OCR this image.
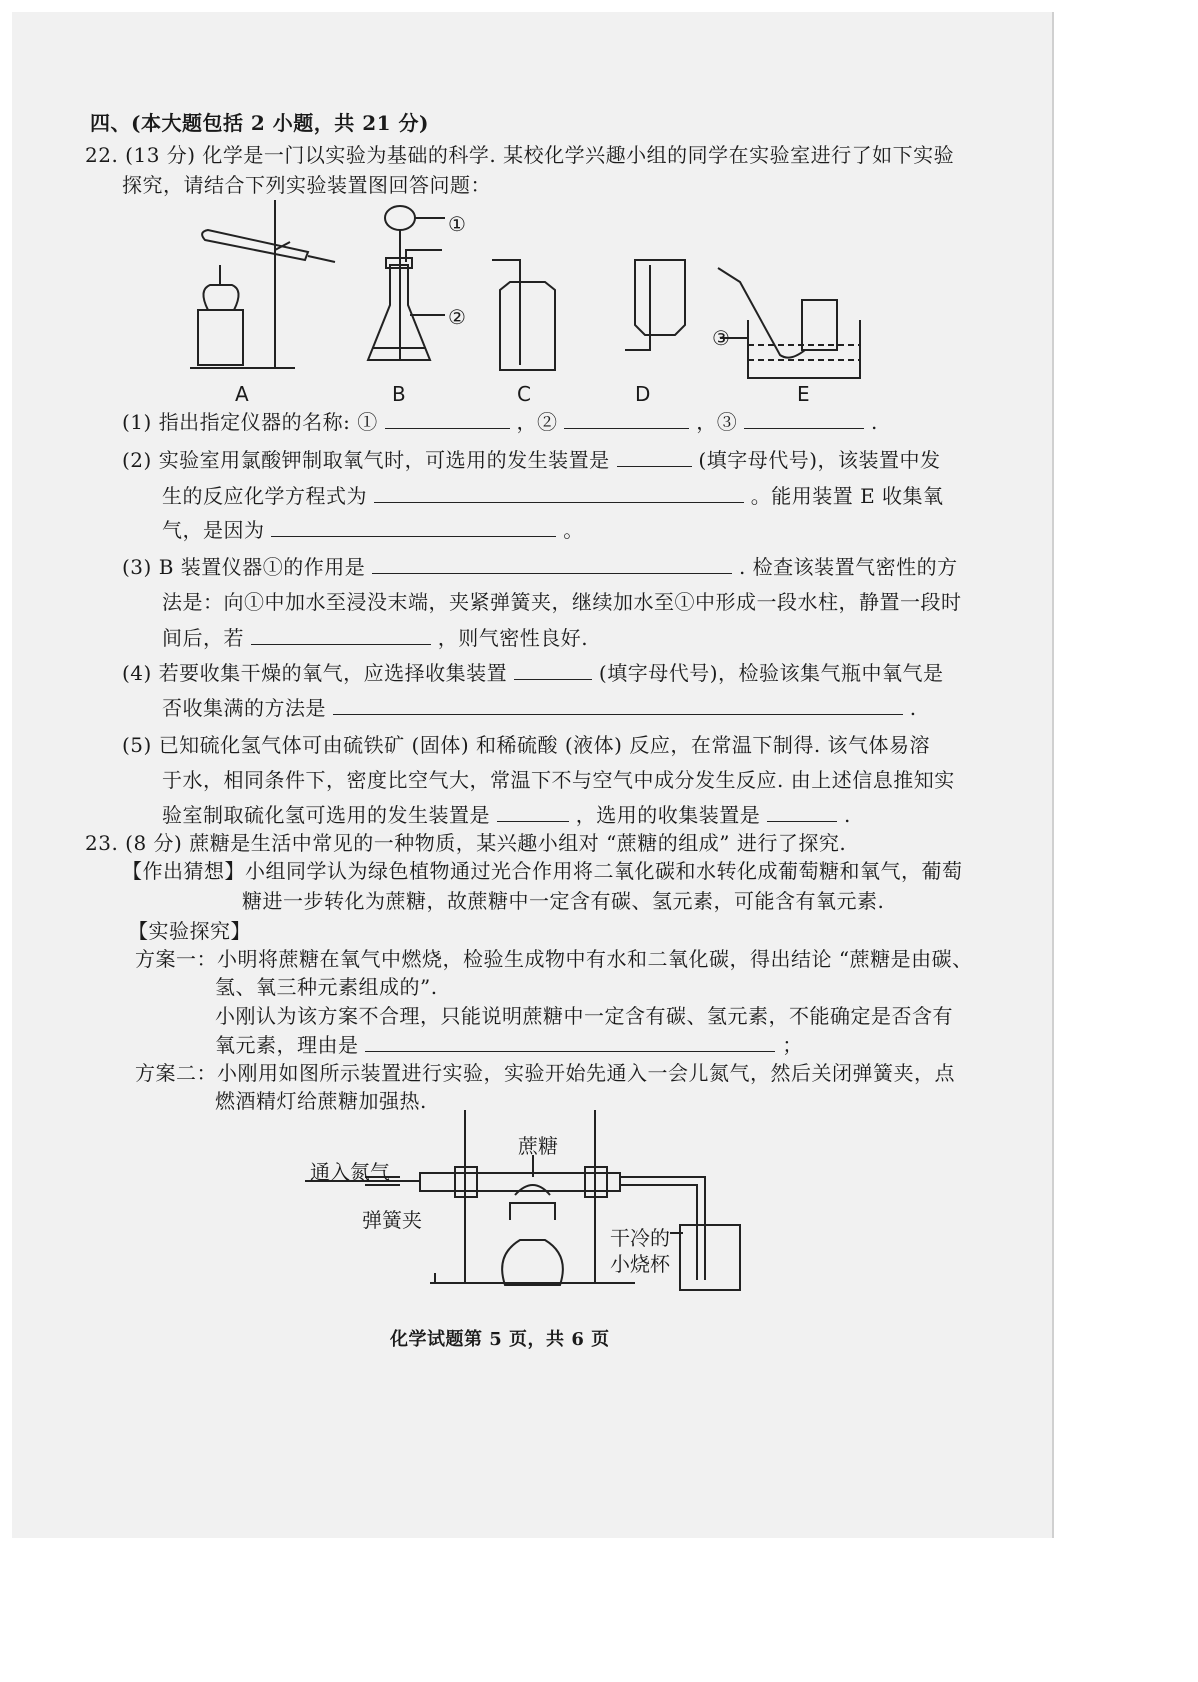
四、(本大题包括 2 小题，共 21 分)
22. (13 分) 化学是一门以实验为基础的科学. 某校化学兴趣小组的同学在实验室进行了如下实验
探究，请结合下列实验装置图回答问题：
①
②
③
A	B	C	D	E
(1) 指出指定仪器的名称: ①	，②	，③	.
(2) 实验室用氯酸钾制取氧气时，可选用的发生装置是	(填字母代号)，该装置中发
生的反应化学方程式为	。能用装置 E 收集氧
气，是因为	。
(3) B 装置仪器①的作用是	. 检查该装置气密性的方
法是：向①中加水至浸没末端，夹紧弹簧夹，继续加水至①中形成一段水柱，静置一段时
间后，若	，则气密性良好.
(4) 若要收集干燥的氧气，应选择收集装置	(填字母代号)，检验该集气瓶中氧气是
否收集满的方法是	.
(5) 已知硫化氢气体可由硫铁矿 (固体) 和稀硫酸 (液体) 反应，在常温下制得. 该气体易溶
于水，相同条件下，密度比空气大，常温下不与空气中成分发生反应. 由上述信息推知实
验室制取硫化氢可选用的发生装置是	，选用的收集装置是	.
23. (8 分) 蔗糖是生活中常见的一种物质，某兴趣小组对 “蔗糖的组成” 进行了探究.
【作出猜想】小组同学认为绿色植物通过光合作用将二氧化碳和水转化成葡萄糖和氧气，葡萄
糖进一步转化为蔗糖，故蔗糖中一定含有碳、氢元素，可能含有氧元素.
【实验探究】
方案一：小明将蔗糖在氧气中燃烧，检验生成物中有水和二氧化碳，得出结论 “蔗糖是由碳、
氢、氧三种元素组成的”.
小刚认为该方案不合理，只能说明蔗糖中一定含有碳、氢元素，不能确定是否含有
氧元素，理由是	；
方案二：小刚用如图所示装置进行实验，实验开始先通入一会儿氮气，然后关闭弹簧夹，点
燃酒精灯给蔗糖加强热.
蔗糖
通入氮气
弹簧夹
干冷的
小烧杯
化学试题第 5 页，共 6 页
